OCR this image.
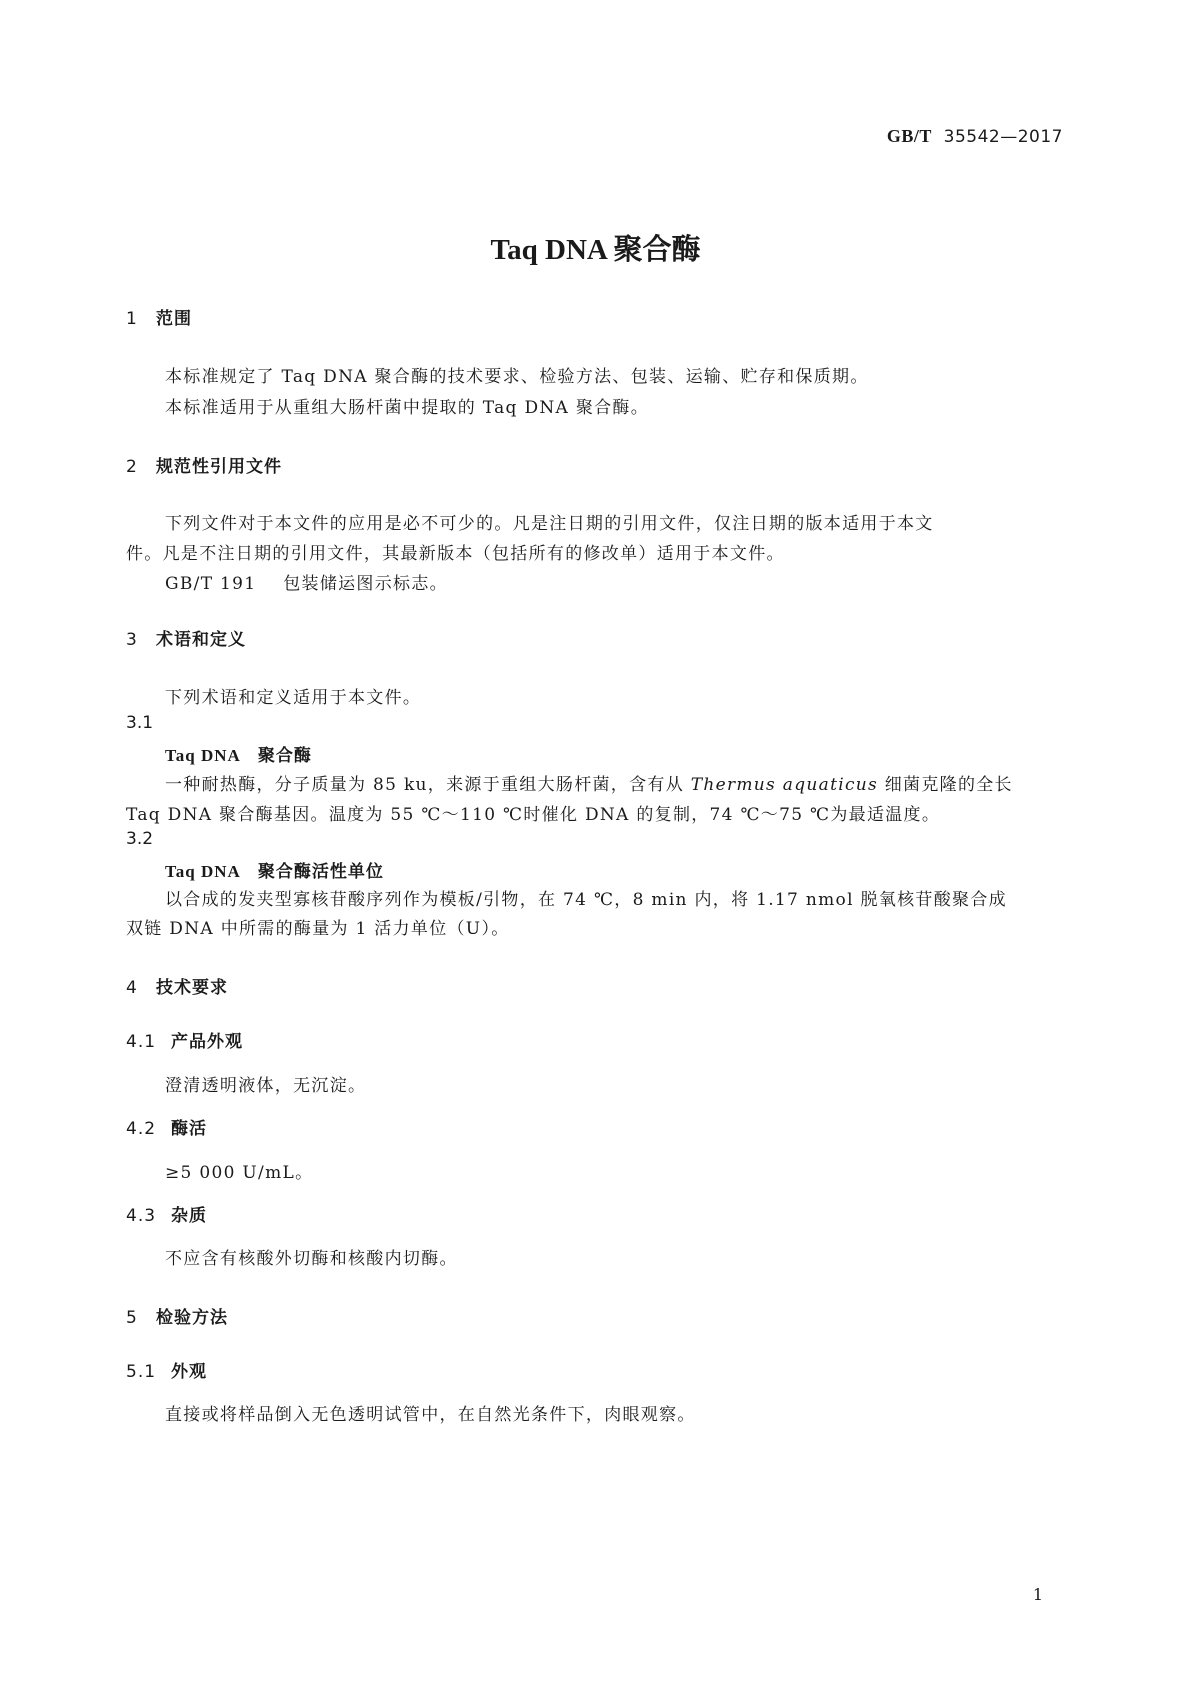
GB/T 35542—2017
Taq DNA 聚合酶
1 范围
本标准规定了 Taq DNA 聚合酶的技术要求、检验方法、包装、运输、贮存和保质期。
本标准适用于从重组大肠杆菌中提取的 Taq DNA 聚合酶。
2 规范性引用文件
下列文件对于本文件的应用是必不可少的。凡是注日期的引用文件，仅注日期的版本适用于本文
件。凡是不注日期的引用文件，其最新版本（包括所有的修改单）适用于本文件。
GB/T 191 包装储运图示标志。
3 术语和定义
下列术语和定义适用于本文件。
3.1
Taq DNA　聚合酶
一种耐热酶，分子质量为 85 ku，来源于重组大肠杆菌，含有从 Thermus aquaticus 细菌克隆的全长
Taq DNA 聚合酶基因。温度为 55 ℃～110 ℃时催化 DNA 的复制，74 ℃～75 ℃为最适温度。
3.2
Taq DNA　聚合酶活性单位
以合成的发夹型寡核苷酸序列作为模板/引物，在 74 ℃，8 min 内，将 1.17 nmol 脱氧核苷酸聚合成
双链 DNA 中所需的酶量为 1 活力单位（U）。
4 技术要求
4.1 产品外观
澄清透明液体，无沉淀。
4.2 酶活
≥5 000 U/mL。
4.3 杂质
不应含有核酸外切酶和核酸内切酶。
5 检验方法
5.1 外观
直接或将样品倒入无色透明试管中，在自然光条件下，肉眼观察。
1
